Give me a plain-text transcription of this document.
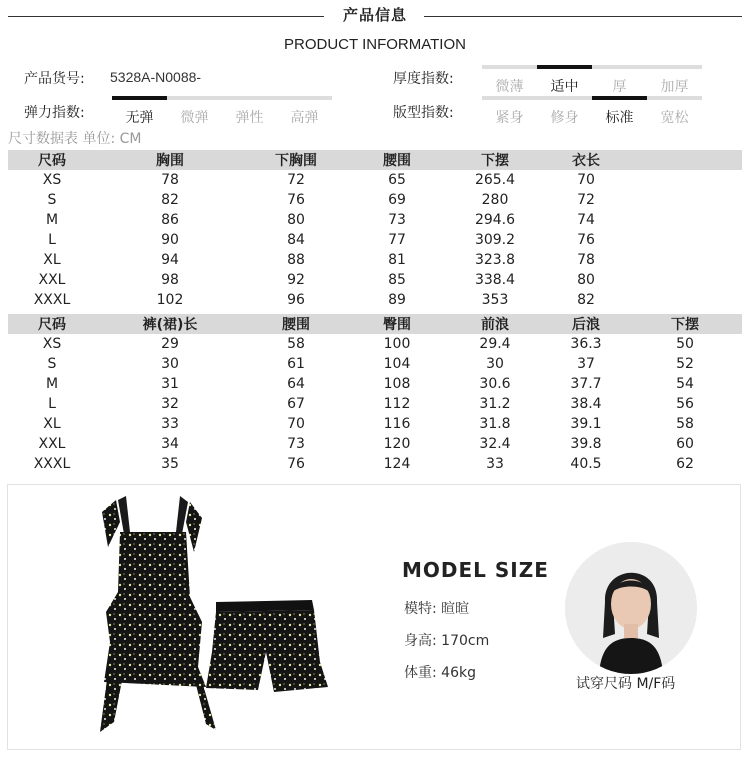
产品信息
PRODUCT INFORMATION
产品货号: 5328A-N0088-
弹力指数:	无弹	微弹	弹性	高弹
厚度指数:	微薄	适中	厚	加厚
版型指数:	紧身	修身	标准	宽松
尺寸数据表 单位: CM
尺码	胸围	下胸围	腰围	下摆	衣长	
XS	78	72	65	265.4	70	
S	82	76	69	280	72	
M	86	80	73	294.6	74	
L	90	84	77	309.2	76	
XL	94	88	81	323.8	78	
XXL	98	92	85	338.4	80	
XXXL	102	96	89	353	82	
尺码	裤(裙)长	腰围	臀围	前浪	后浪	下摆
XS	29	58	100	29.4	36.3	50
S	30	61	104	30	37	52
M	31	64	108	30.6	37.7	54
L	32	67	112	31.2	38.4	56
XL	33	70	116	31.8	39.1	58
XXL	34	73	120	32.4	39.8	60
XXXL	35	76	124	33	40.5	62
MODEL SIZE
模特: 暄暄
身高: 170cm
体重: 46kg
试穿尺码 M/F码
